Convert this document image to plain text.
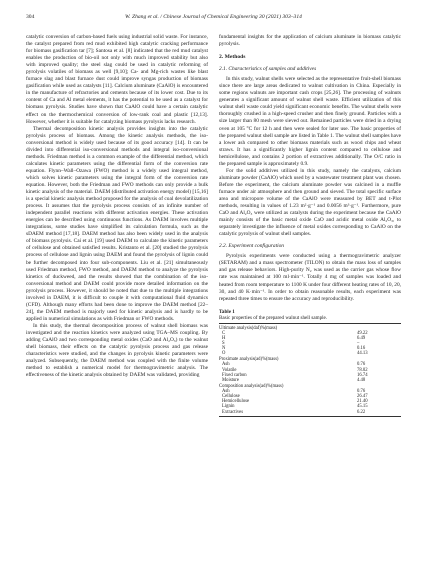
304	W. Zhang et al. / Chinese Journal of Chemical Engineering 30 (2021) 303–314

catalytic conversion of carbon-based fuels using industrial solid waste. For instance, the catalyst prepared from red mud exhibited high catalytic cracking performance for biomass gasification tar [7]; Santosa et al. [8] indicated that the red mud catalyst enables the production of bio-oil not only with much improved stability but also with improved quality; the steel slag could be used in catalytic reforming of pyrolysis volatiles of biomass as well [9,10]; Ca- and Mg-rich wastes like blast furnace slag and blast furnace dust could improve syngas production of biomass gasification while used as catalysts [11]. Calcium aluminate (CaAlO) is encountered in the manufacture of refractories and cements because of its lower cost. Due to its content of Ca and Al metal elements, it has the potential to be used as a catalyst for biomass pyrolysis. Studies have shown that CaAlO could have a certain catalytic effect on the thermochemical conversion of low-rank coal and plastic [12,13]. However, whether it is suitable for catalyzing biomass pyrolysis lacks research.

Thermal decomposition kinetic analysis provides insights into the catalytic pyrolysis process of biomass. Among the kinetic analysis methods, the iso-conversional method is widely used because of its good accuracy [14]. It can be divided into differential iso-conversional methods and integral iso-conversional methods. Friedman method is a common example of the differential method, which calculates kinetic parameters using the differential form of the conversion rate equation. Flynn–Wall–Ozawa (FWO) method is a widely used integral method, which solves kinetic parameters using the integral form of the conversion rate equation. However, both the Friedman and FWO methods can only provide a bulk kinetic analysis of the material. DAEM (distributed activation energy model) [15,16] is a special kinetic analysis method proposed for the analysis of coal devolatilization process. It assumes that the pyrolysis process consists of an infinite number of independent parallel reactions with different activation energies. These activation energies can be described using continuous functions. As DAEM involves multiple integrations, some studies have simplified its calculation formula, such as the sDAEM method [17,18]. DAEM method has also been widely used in the analysis of biomass pyrolysis. Cai et al. [19] used DAEM to calculate the kinetic parameters of cellulose and obtained satisfied results. Kristanto et al. [20] studied the pyrolysis process of cellulose and lignin using DAEM and found the pyrolysis of lignin could be further decomposed into four sub-components. Liu et al. [21] simultaneously used Friedman method, FWO method, and DAEM method to analyze the pyrolysis kinetics of duckweed, and the results showed that the combination of the iso-conversional method and DAEM could provide more detailed information on the pyrolysis process. However, it should be noted that due to the multiple integrations involved in DAEM, it is difficult to couple it with computational fluid dynamics (CFD). Although many efforts had been done to improve the DAEM method [22–24], the DAEM method is majorly used for kinetic analysis and is hardly to be applied in numerical simulations as with Friedman or FWO methods.

In this study, the thermal decomposition process of walnut shell biomass was investigated and the reaction kinetics were analyzed using TGA–MS coupling. By adding CaAlO and two corresponding metal oxides (CaO and Al₂O₃) to the walnut shell biomass, their effects on the catalytic pyrolysis process and gas release characteristics were studied, and the changes in pyrolysis kinetic parameters were analyzed. Subsequently, the DAEM method was coupled with the finite volume method to establish a numerical model for thermogravimetric analysis. The effectiveness of the kinetic analysis obtained by DAEM was validated, providing

fundamental insights for the application of calcium aluminate in biomass catalytic pyrolysis.

2. Methods
2.1. Characteristics of samples and additives

In this study, walnut shells were selected as the representative fruit-shell biomass since there are large areas dedicated to walnut cultivation in China. Especially in some regions walnuts are important cash crops [25,26]. The processing of walnuts generates a significant amount of walnut shell waste. Efficient utilization of this walnut shell waste could yield significant economic benefits. The walnut shells were thoroughly crushed in a high-speed crusher and then finely ground. Particles with a size larger than 80 mesh were sieved out. Remained particles were dried in a drying oven at 105 °C for 12 h and then were sealed for later use. The basic properties of the prepared walnut shell sample are listed in Table 1. The walnut shell samples have a lower ash compared to other biomass materials such as wood chips and wheat straws. It has a significantly higher lignin content compared to cellulose and hemicellulose, and contains 2 portion of extractives additionally. The O/C ratio in the prepared sample is approximately 0.9.

For the solid additives utilized in this study, namely the catalysts, calcium aluminate powder (CaAlO) which used by a wastewater treatment plant was chosen. Before the experiment, the calcium aluminate powder was calcined in a muffle furnace under air atmosphere and then ground and sieved. The total specific surface area and micropore volume of the CaAlO were measured by BET and t-Plot methods, resulting in values of 1.23 m²·g⁻¹ and 0.0056 m³·g⁻¹. Furthermore, pure CaO and Al₂O₃ were utilized as catalysts during the experiment because the CaAlO mainly consists of the basic metal oxide CaO and acidic metal oxide Al₂O₃, to separately investigate the influence of metal oxides corresponding to CaAlO on the catalytic pyrolysis of walnut shell samples.

2.2. Experiment configuration

Pyrolysis experiments were conducted using a thermogravimetric analyzer (SETARAM) and a mass spectrometer (TILON) to obtain the mass loss of samples and gas release behaviors. High-purity N₂ was used as the carrier gas whose flow rate was maintained at 100 ml·min⁻¹. Totally 4 mg of samples was loaded and heated from room temperature to 1100 K under four different heating rates of 10, 20, 30, and 40 K·min⁻¹. In order to obtain reasonable results, each experiment was repeated three times to ensure the accuracy and reproducibility.

Table 1
Basic properties of the prepared walnut shell sample.
Ultimate analysis(daf)%(mass)	
C	49.22
H	6.49
S	–
N	0.16
O	44.13
Proximate analysis(ad)%(mass)	
Ash	0.76
Volatile	78.02
Fixed carbon	16.74
Moisture	4.48
Composition analysis(ad)%(mass)	
Ash	0.76
Cellulose	26.47
Hemicellulose	21.40
Lignin	45.15
Extractives	6.22
